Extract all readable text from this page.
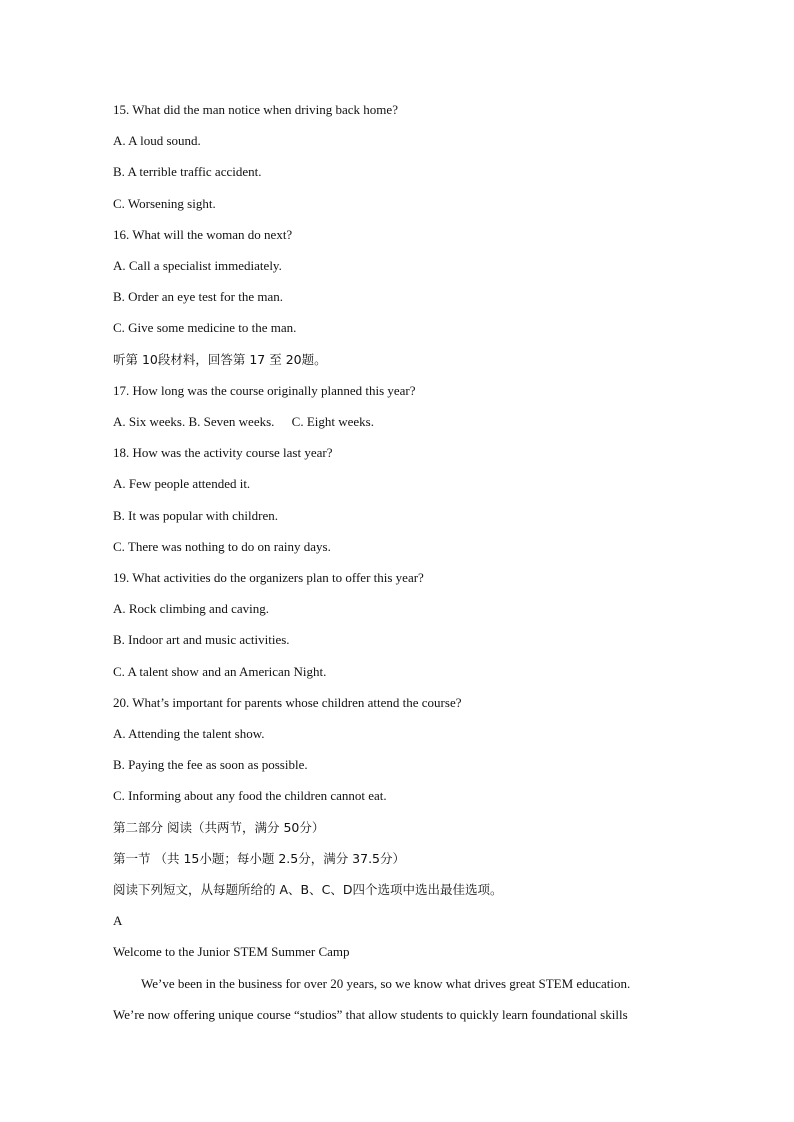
15. What did the man notice when driving back home?
A. A loud sound.
B. A terrible traffic accident.
C. Worsening sight.
16. What will the woman do next?
A. Call a specialist immediately.
B. Order an eye test for the man.
C. Give some medicine to the man.
听第 10段材料，回答第 17 至 20题。
17. How long was the course originally planned this year?
A. Six weeks. B. Seven weeks. C. Eight weeks.
18. How was the activity course last year?
A. Few people attended it.
B. It was popular with children.
C. There was nothing to do on rainy days.
19. What activities do the organizers plan to offer this year?
A. Rock climbing and caving.
B. Indoor art and music activities.
C. A talent show and an American Night.
20. What’s important for parents whose children attend the course?
A. Attending the talent show.
B. Paying the fee as soon as possible.
C. Informing about any food the children cannot eat.
第二部分 阅读（共两节，满分 50分）
第一节 （共 15小题；每小题 2.5分，满分 37.5分）
阅读下列短文，从每题所给的 A、B、C、D四个选项中选出最佳选项。
A
Welcome to the Junior STEM Summer Camp
We’ve been in the business for over 20 years, so we know what drives great STEM education.
We’re now offering unique course “studios” that allow students to quickly learn foundational skills
